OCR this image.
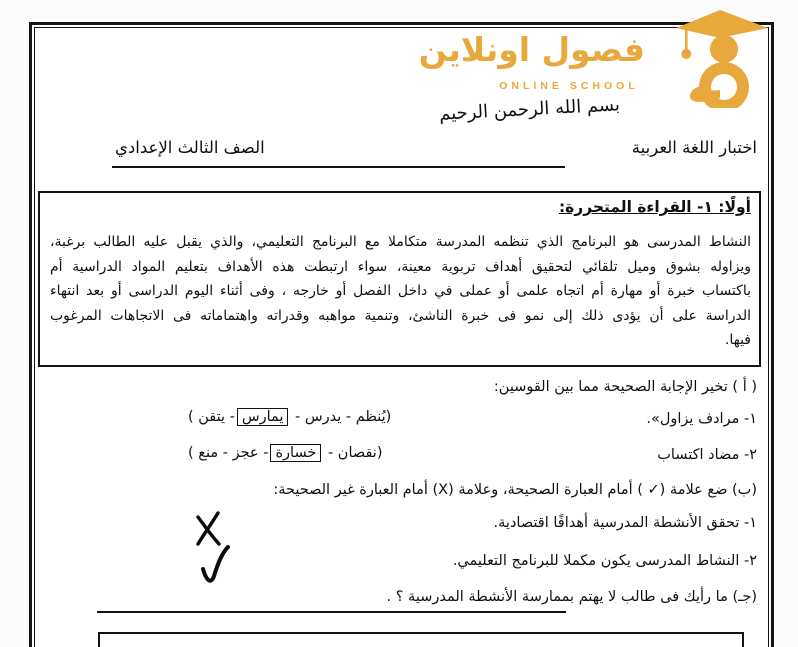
فصول اونلاين
ONLINE SCHOOL
بسم الله الرحمن الرحيم
اختبار اللغة العربية
الصف الثالث الإعدادي
أولًا: ١- القراءة المتحررة:
النشاط المدرسى هو البرنامج الذي تنظمه المدرسة متكاملا مع البرنامج التعليمي، والذي يقبل عليه الطالب برغبة،
ويزاوله بشوق وميل تلقائي لتحقيق أهداف تربوية معينة، سواء ارتبطت هذه الأهداف بتعليم المواد الدراسية أم
باكتساب خبرة أو مهارة أم اتجاه علمى أو عملى في داخل الفصل أو خارجه ، وفى أثناء اليوم الدراسى أو بعد انتهاء
الدراسة على أن يؤدى ذلك إلى نمو فى خبرة الناشئ، وتنمية مواهبه وقدراته واهتماماته فى الاتجاهات المرغوب
فيها.
( أ ) تخير الإجابة الصحيحة مما بين القوسين:
١- مرادف يزاول».
(يُنظم - يدرس - يمارس- يتقن )
٢- مضاد اكتساب
(نقصان - خسارة- عجز - منع )
(ب) ضع علامة (✓ ) أمام العبارة الصحيحة، وعلامة (X) أمام العبارة غير الصحيحة:
١- تحقق الأنشطة المدرسية أهدافًا اقتصادية.
٢- النشاط المدرسى يكون مكملا للبرنامج التعليمي.
(جـ) ما رأيك فى طالب لا يهتم بممارسة الأنشطة المدرسية ؟ .
